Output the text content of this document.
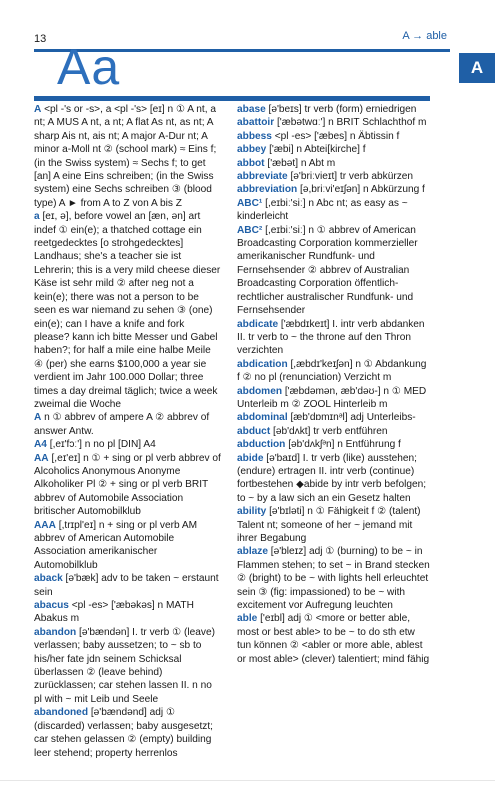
13	A → able
Aa	A

A <pl -'s or -s>, a <pl -'s> [eɪ] n ① A nt, a nt; A MUS A nt, a nt; A flat As nt, as nt; A sharp Ais nt, ais nt; A major A-Dur nt; A minor a-Moll nt ② (school mark) ≈ Eins f; (in the Swiss system) ≈ Sechs f; to get [an] A eine Eins schreiben; (in the Swiss system) eine Sechs schreiben ③ (blood type) A ► from A to Z von A bis Z

a [eɪ, ə], before vowel an [æn, ən] art indef ① ein(e); a thatched cottage ein reetgedecktes [o strohgedecktes] Landhaus; she's a teacher sie ist Lehrerin; this is a very mild cheese dieser Käse ist sehr mild ② after neg not a kein(e); there was not a person to be seen es war niemand zu sehen ③ (one) ein(e); can I have a knife and fork please? kann ich bitte Messer und Gabel haben?; for half a mile eine halbe Meile ④ (per) she earns $100,000 a year sie verdient im Jahr 100.000 Dollar; three times a day dreimal täglich; twice a week zweimal die Woche

A n ① abbrev of ampere A ② abbrev of answer Antw.

A4 [,eɪ'fɔː'] n no pl [DIN] A4

AA [,eɪ'eɪ] n ① + sing or pl verb abbrev of Alcoholics Anonymous Anonyme Alkoholiker Pl ② + sing or pl verb BRIT abbrev of Automobile Association britischer Automobilklub

AAA [,trɪpl'eɪ] n + sing or pl verb AM abbrev of American Automobile Association amerikanischer Automobilklub

aback [ə'bæk] adv to be taken ~ erstaunt sein

abacus <pl -es> ['æbəkəs] n MATH Abakus m

abandon [ə'bændən] I. tr verb ① (leave) verlassen; baby aussetzen; to ~ sb to his/her fate jdn seinem Schicksal überlassen ② (leave behind) zurücklassen; car stehen lassen II. n no pl with ~ mit Leib und Seele

abandoned [ə'bændənd] adj ① (discarded) verlassen; baby ausgesetzt; car stehen gelassen ② (empty) building leer stehend; property herrenlos

abase [ə'beɪs] tr verb (form) erniedrigen

abattoir ['æbətwɑː'] n BRIT Schlachthof m

abbess <pl -es> ['æbes] n Äbtissin f

abbey ['æbi] n Abtei[kirche] f

abbot ['æbət] n Abt m

abbreviate [ə'briːvieɪt] tr verb abkürzen

abbreviation [ə,briːvi'eɪʃən] n Abkürzung f

ABC¹ [,eɪbiː'siː] n Abc nt; as easy as ~ kinderleicht

ABC² [,eɪbiː'siː] n ① abbrev of American Broadcasting Corporation kommerzieller amerikanischer Rundfunk- und Fernsehsender ② abbrev of Australian Broadcasting Corporation öffentlich-rechtlicher australischer Rundfunk- und Fernsehsender

abdicate ['æbdɪkeɪt] I. intr verb abdanken II. tr verb to ~ the throne auf den Thron verzichten

abdication [,æbdɪ'keɪʃən] n ① Abdankung f ② no pl (renunciation) Verzicht m

abdomen ['æbdəmən, æb'dəʊ-] n ① MED Unterleib m ② ZOOL Hinterleib m

abdominal [æb'dɒmɪnᵊl] adj Unterleibs-

abduct [əb'dʌkt] tr verb entführen

abduction [əb'dʌkʃᵊn] n Entführung f

abide [ə'baɪd] I. tr verb (like) ausstehen; (endure) ertragen II. intr verb (continue) fortbestehen ◆abide by intr verb befolgen; to ~ by a law sich an ein Gesetz halten

ability [ə'bɪləti] n ① Fähigkeit f ② (talent) Talent nt; someone of her ~ jemand mit ihrer Begabung

ablaze [ə'bleɪz] adj ① (burning) to be ~ in Flammen stehen; to set ~ in Brand stecken ② (bright) to be ~ with lights hell erleuchtet sein ③ (fig: impassioned) to be ~ with excitement vor Aufregung leuchten

able ['eɪbl] adj ① <more or better able, most or best able> to be ~ to do sth etw tun können ② <abler or more able, ablest or most able> (clever) talentiert; mind fähig
